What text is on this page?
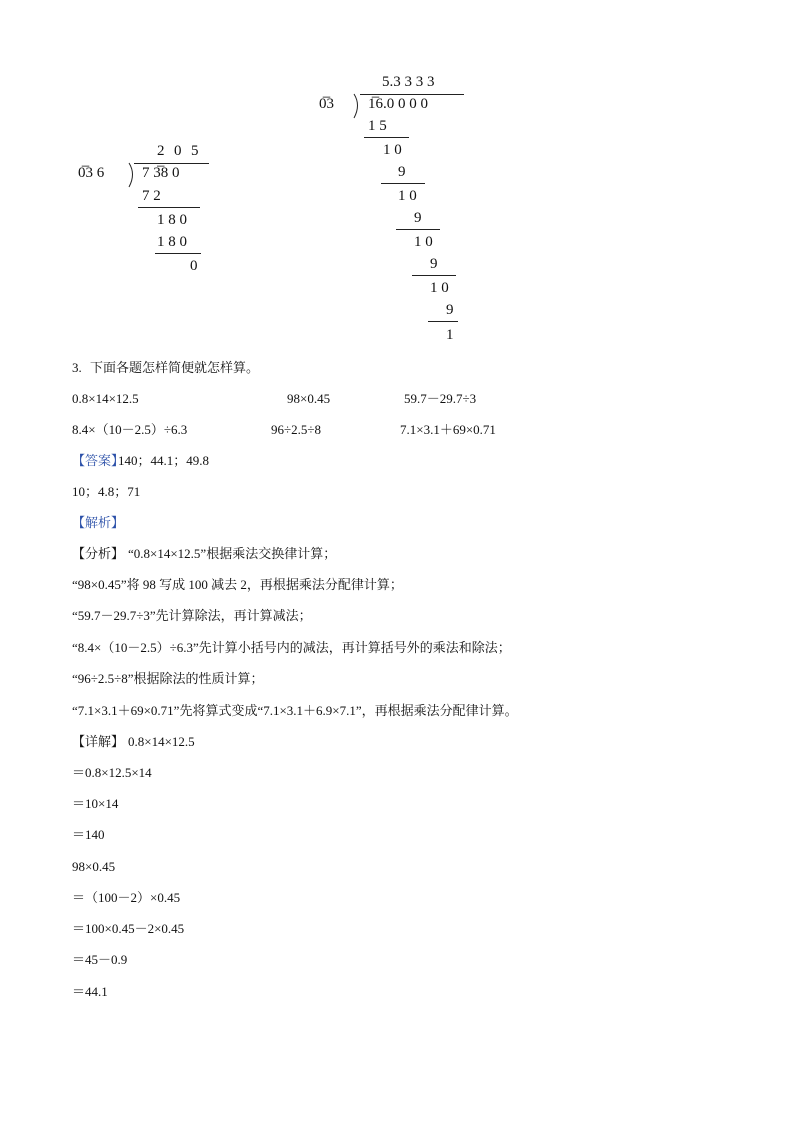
2 0 5
0̅3 6	7 3̅8 0
7 2
1 8 0
1 8 0
0
5.3 3 3 3
0̅3 1̅6.0 0 0 0
1 5
1 0
9
1 0
9
1 0
9
1 0
9
1
3. 下面各题怎样简便就怎样算。
0.8×14×12.5	98×0.45	59.7－29.7÷3
8.4×（10－2.5）÷6.3	96÷2.5÷8	7.1×3.1＋69×0.71
【答案】
140；44.1；49.8
10；4.8；71
【解析】
【分析】 “0.8×14×12.5”根据乘法交换律计算；
“98×0.45”将 98 写成 100 减去 2，再根据乘法分配律计算；
“59.7－29.7÷3”先计算除法，再计算减法；
“8.4×（10－2.5）÷6.3”先计算小括号内的减法，再计算括号外的乘法和除法；
“96÷2.5÷8”根据除法的性质计算；
“7.1×3.1＋69×0.71”先将算式变成“7.1×3.1＋6.9×7.1”，再根据乘法分配律计算。
【详解】 0.8×14×12.5
＝0.8×12.5×14
＝10×14
＝140
98×0.45
＝（100－2）×0.45
＝100×0.45－2×0.45
＝45－0.9
＝44.1
